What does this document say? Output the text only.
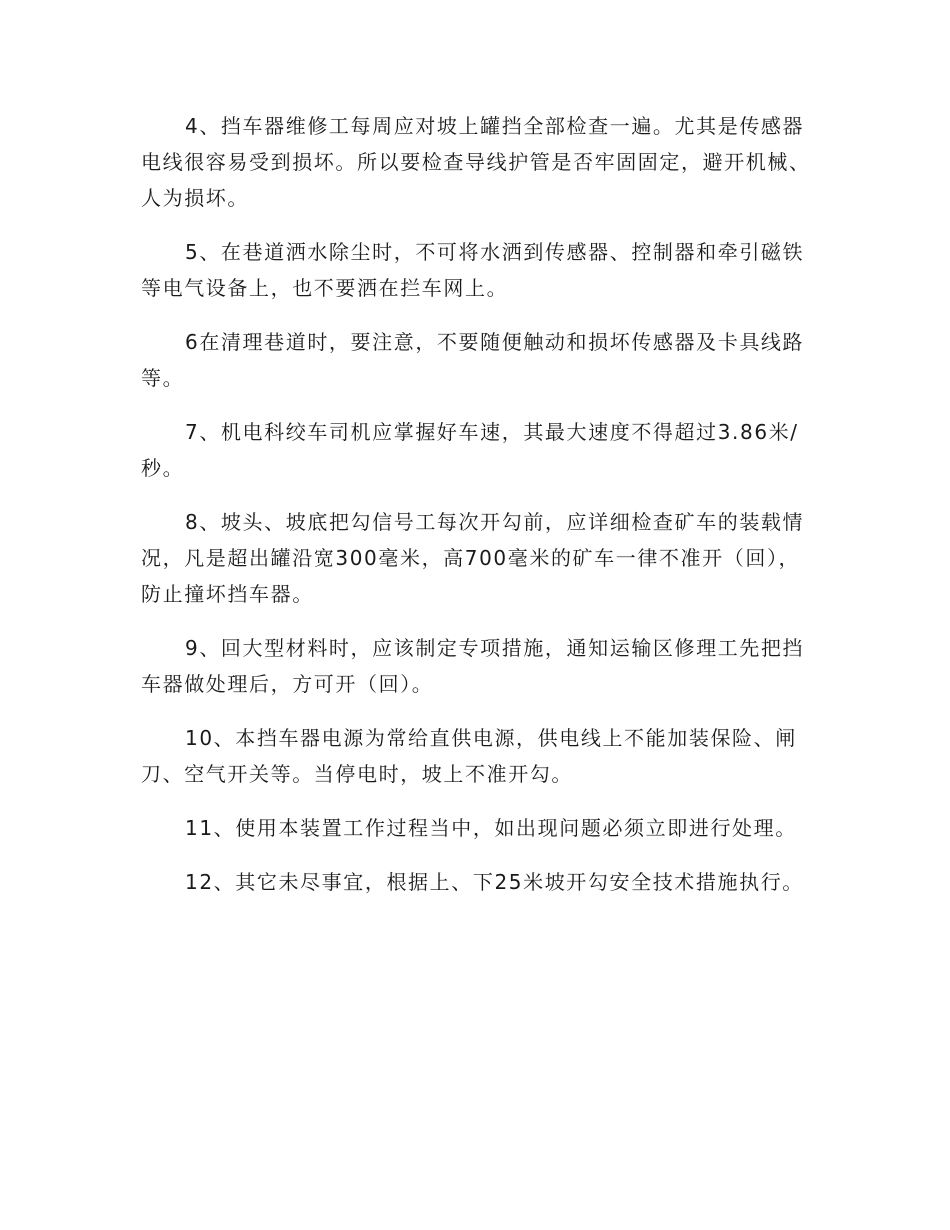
4、挡车器维修工每周应对坡上罐挡全部检查一遍。尤其是传感器电线很容易受到损坏。所以要检查导线护管是否牢固固定，避开机械、人为损坏。

5、在巷道洒水除尘时，不可将水洒到传感器、控制器和牵引磁铁等电气设备上，也不要洒在拦车网上。

6在清理巷道时，要注意，不要随便触动和损坏传感器及卡具线路等。

7、机电科绞车司机应掌握好车速，其最大速度不得超过3.86米/秒。

8、坡头、坡底把勾信号工每次开勾前，应详细检查矿车的装载情况，凡是超出罐沿宽300毫米，高700毫米的矿车一律不准开（回），防止撞坏挡车器。

9、回大型材料时，应该制定专项措施，通知运输区修理工先把挡车器做处理后，方可开（回）。

10、本挡车器电源为常给直供电源，供电线上不能加装保险、闸刀、空气开关等。当停电时，坡上不准开勾。

11、使用本装置工作过程当中，如出现问题必须立即进行处理。

12、其它未尽事宜，根据上、下25米坡开勾安全技术措施执行。
